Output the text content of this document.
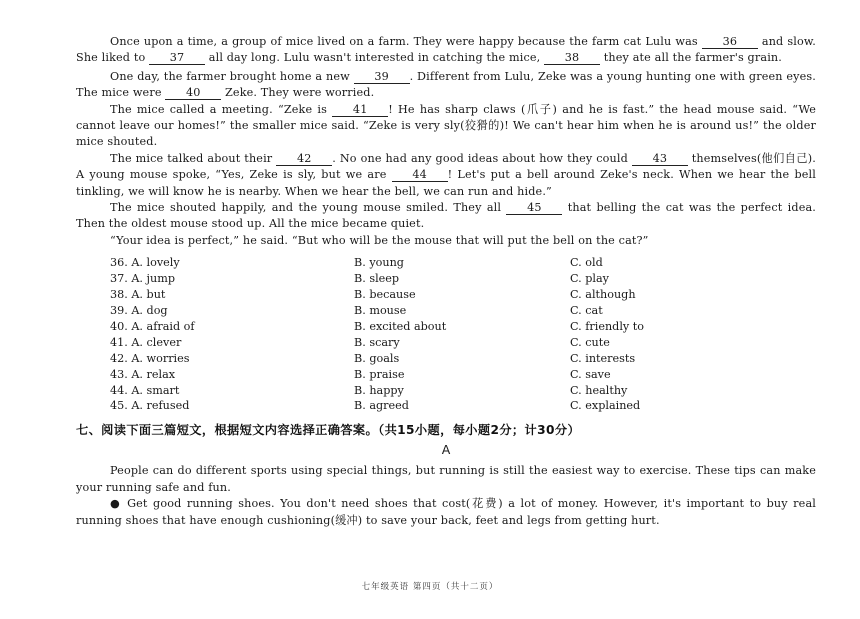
Once upon a time, a group of mice lived on a farm. They were happy because the farm cat Lulu was 36 and slow. She liked to 37 all day long. Lulu wasn't interested in catching the mice, 38 they ate all the farmer's grain.

One day, the farmer brought home a new 39 . Different from Lulu, Zeke was a young hunting one with green eyes. The mice were 40 Zeke. They were worried.

The mice called a meeting. “Zeke is 41 ! He has sharp claws (爪子) and he is fast.” the head mouse said. “We cannot leave our homes!” the smaller mice said. “Zeke is very sly(狡猾的)! We can't hear him when he is around us!” the older mice shouted.

The mice talked about their 42 . No one had any good ideas about how they could 43 themselves(他们自己). A young mouse spoke, “Yes, Zeke is sly, but we are 44 ! Let's put a bell around Zeke's neck. When we hear the bell tinkling, we will know he is nearby. When we hear the bell, we can run and hide.”

The mice shouted happily, and the young mouse smiled. They all 45 that belling the cat was the perfect idea. Then the oldest mouse stood up. All the mice became quiet.

“Your idea is perfect,” he said. “But who will be the mouse that will put the bell on the cat?”

36. A. lovely	B. young	C. old
37. A. jump	B. sleep	C. play
38. A. but	B. because	C. although
39. A. dog	B. mouse	C. cat
40. A. afraid of	B. excited about	C. friendly to
41. A. clever	B. scary	C. cute
42. A. worries	B. goals	C. interests
43. A. relax	B. praise	C. save
44. A. smart	B. happy	C. healthy
45. A. refused	B. agreed	C. explained
七、阅读下面三篇短文，根据短文内容选择正确答案。（共15小题，每小题2分；计30分）
A

People can do different sports using special things, but running is still the easiest way to exercise. These tips can make your running safe and fun.

● Get good running shoes. You don't need shoes that cost(花费) a lot of money. However, it's important to buy real running shoes that have enough cushioning(缓冲) to save your back, feet and legs from getting hurt.

七年级英语 第四页（共十二页）
